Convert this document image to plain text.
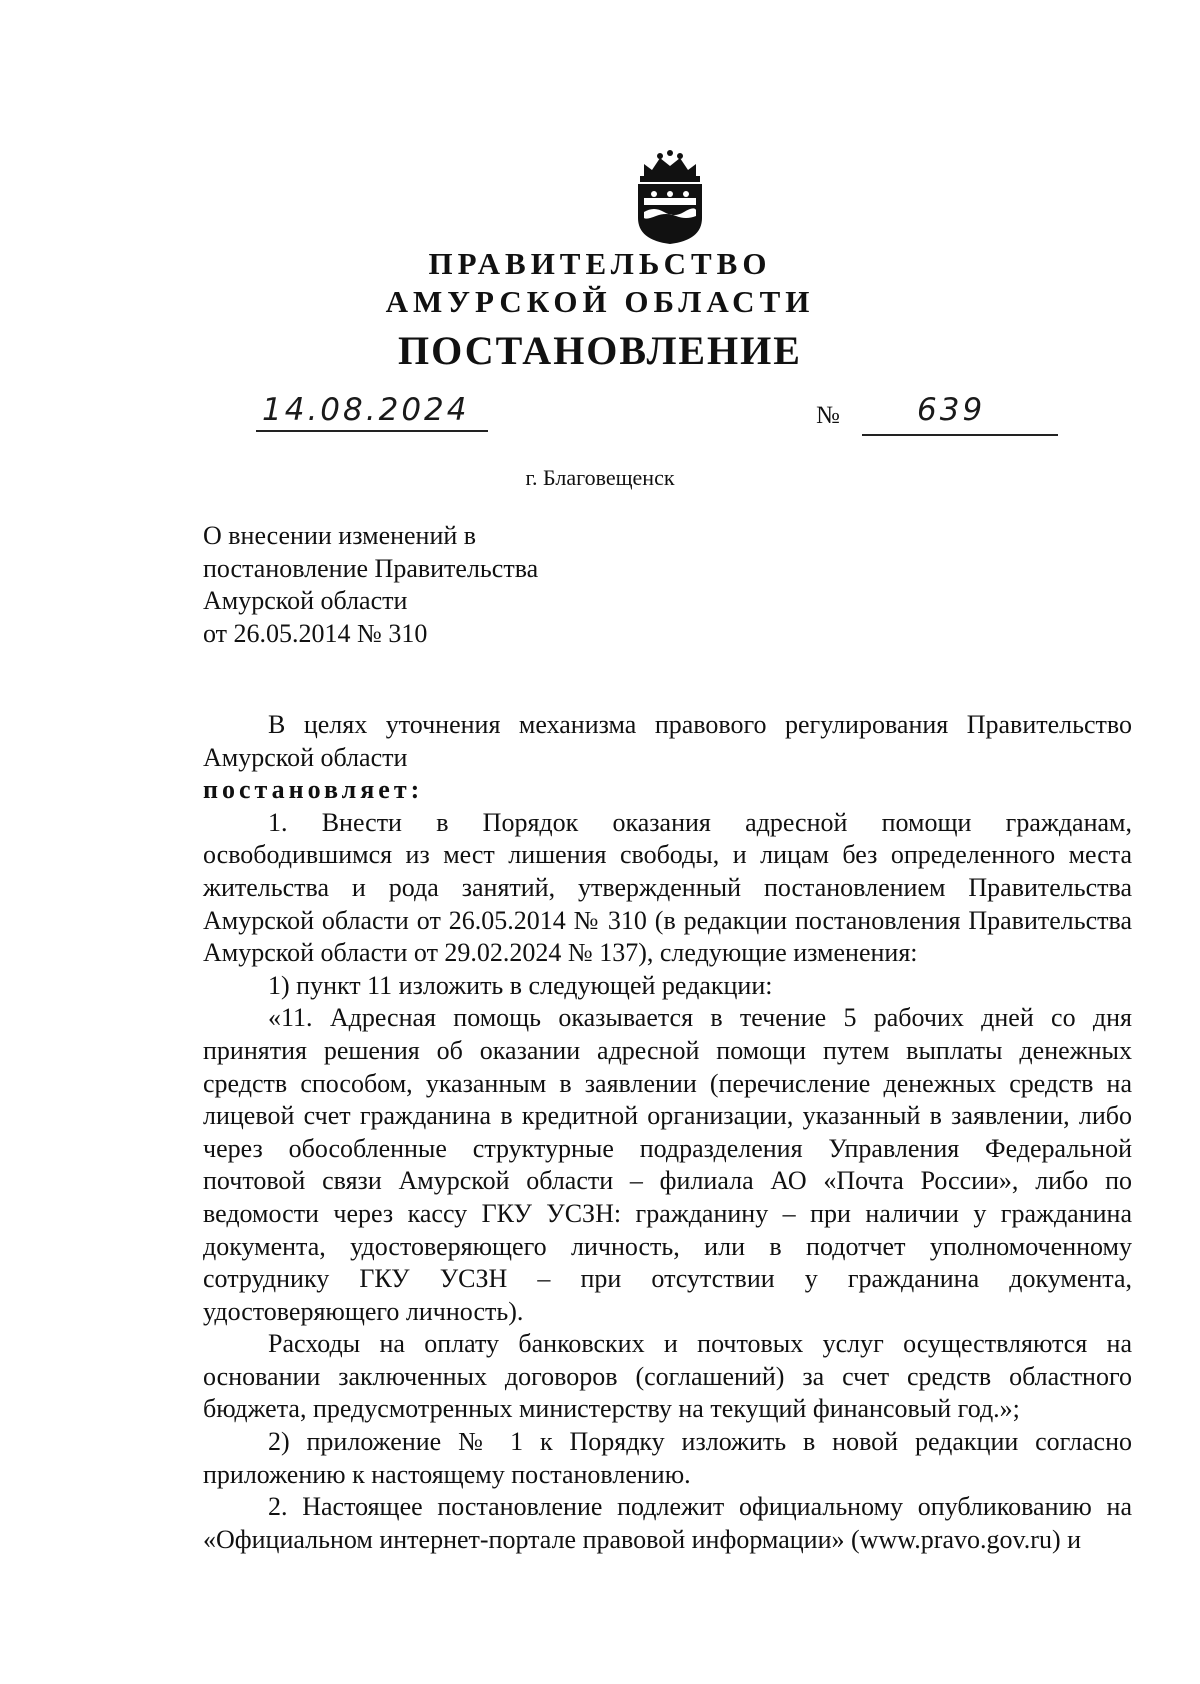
ПРАВИТЕЛЬСТВО
АМУРСКОЙ ОБЛАСТИ
ПОСТАНОВЛЕНИЕ
14.08.2024	№ 639
г. Благовещенск
О внесении изменений в
постановление Правительства
Амурской области
от 26.05.2014 № 310

В целях уточнения механизма правового регулирования Правительство Амурской области

постановляет:

1. Внести в Порядок оказания адресной помощи гражданам, освободившимся из мест лишения свободы, и лицам без определенного места жительства и рода занятий, утвержденный постановлением Правительства Амурской области от 26.05.2014 № 310 (в редакции постановления Правительства Амурской области от 29.02.2024 № 137), следующие изменения:

1) пункт 11 изложить в следующей редакции:

«11. Адресная помощь оказывается в течение 5 рабочих дней со дня принятия решения об оказании адресной помощи путем выплаты денежных средств способом, указанным в заявлении (перечисление денежных средств на лицевой счет гражданина в кредитной организации, указанный в заявлении, либо через обособленные структурные подразделения Управления Федеральной почтовой связи Амурской области – филиала АО «Почта России», либо по ведомости через кассу ГКУ УСЗН: гражданину – при наличии у гражданина документа, удостоверяющего личность, или в подотчет уполномоченному сотруднику ГКУ УСЗН – при отсутствии у гражданина документа, удостоверяющего личность).

Расходы на оплату банковских и почтовых услуг осуществляются на основании заключенных договоров (соглашений) за счет средств областного бюджета, предусмотренных министерству на текущий финансовый год.»;

2) приложение № 1 к Порядку изложить в новой редакции согласно приложению к настоящему постановлению.

2. Настоящее постановление подлежит официальному опубликованию на «Официальном интернет-портале правовой информации» (www.pravo.gov.ru) и
